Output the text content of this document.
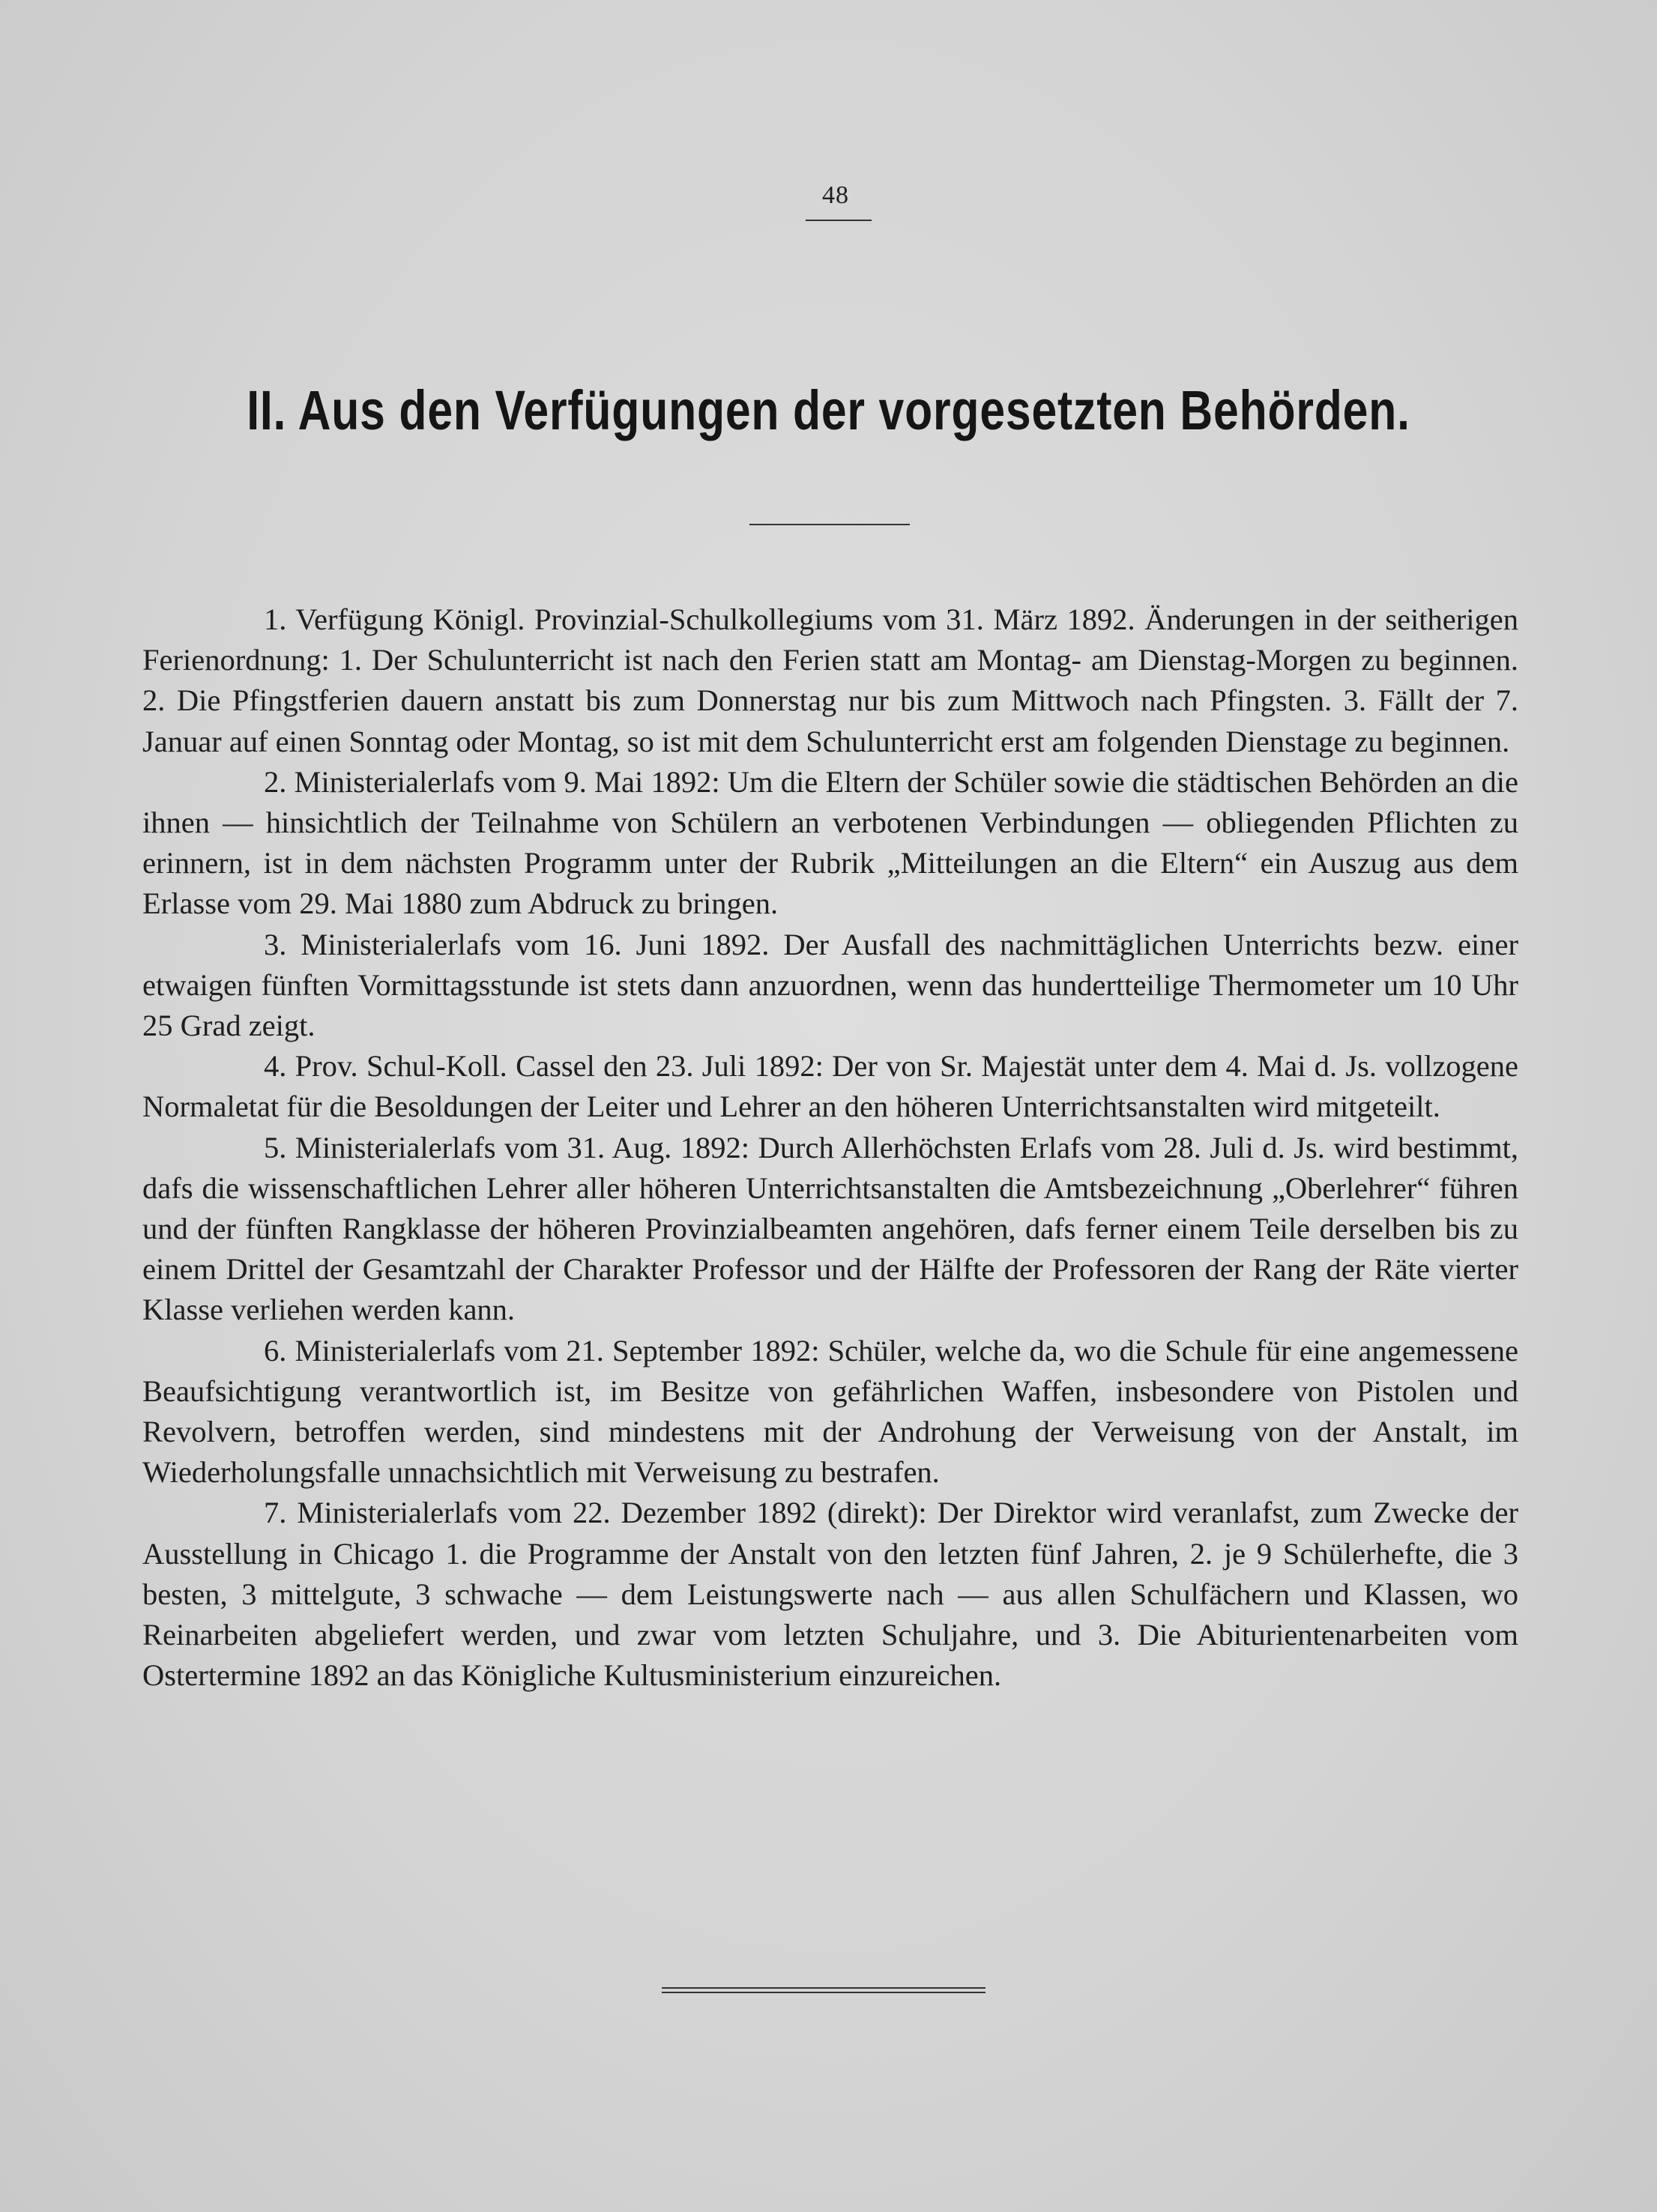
48
II. Aus den Verfügungen der vorgesetzten Behörden.

1. Verfügung Königl. Provinzial-Schulkollegiums vom 31. März 1892. Änderungen in der seitherigen Ferienordnung: 1. Der Schulunterricht ist nach den Ferien statt am Montag- am Dienstag-Morgen zu beginnen. 2. Die Pfingstferien dauern anstatt bis zum Donnerstag nur bis zum Mittwoch nach Pfingsten. 3. Fällt der 7. Januar auf einen Sonntag oder Montag, so ist mit dem Schulunterricht erst am folgenden Dienstage zu beginnen.

2. Ministerialerlafs vom 9. Mai 1892: Um die Eltern der Schüler sowie die städtischen Behörden an die ihnen — hinsichtlich der Teilnahme von Schülern an verbotenen Verbindungen — obliegenden Pflichten zu erinnern, ist in dem nächsten Programm unter der Rubrik „Mitteilungen an die Eltern“ ein Auszug aus dem Erlasse vom 29. Mai 1880 zum Abdruck zu bringen.

3. Ministerialerlafs vom 16. Juni 1892. Der Ausfall des nachmittäglichen Unterrichts bezw. einer etwaigen fünften Vormittagsstunde ist stets dann anzuordnen, wenn das hundertteilige Thermometer um 10 Uhr 25 Grad zeigt.

4. Prov. Schul-Koll. Cassel den 23. Juli 1892: Der von Sr. Majestät unter dem 4. Mai d. Js. vollzogene Normaletat für die Besoldungen der Leiter und Lehrer an den höheren Unterrichtsanstalten wird mitgeteilt.

5. Ministerialerlafs vom 31. Aug. 1892: Durch Allerhöchsten Erlafs vom 28. Juli d. Js. wird bestimmt, dafs die wissenschaftlichen Lehrer aller höheren Unterrichtsanstalten die Amtsbezeichnung „Oberlehrer“ führen und der fünften Rangklasse der höheren Provinzialbeamten angehören, dafs ferner einem Teile derselben bis zu einem Drittel der Gesamtzahl der Charakter Professor und der Hälfte der Professoren der Rang der Räte vierter Klasse verliehen werden kann.

6. Ministerialerlafs vom 21. September 1892: Schüler, welche da, wo die Schule für eine angemessene Beaufsichtigung verantwortlich ist, im Besitze von gefährlichen Waffen, insbesondere von Pistolen und Revolvern, betroffen werden, sind mindestens mit der Androhung der Verweisung von der Anstalt, im Wiederholungsfalle unnachsichtlich mit Verweisung zu bestrafen.

7. Ministerialerlafs vom 22. Dezember 1892 (direkt): Der Direktor wird veranlafst, zum Zwecke der Ausstellung in Chicago 1. die Programme der Anstalt von den letzten fünf Jahren, 2. je 9 Schülerhefte, die 3 besten, 3 mittelgute, 3 schwache — dem Leistungswerte nach — aus allen Schulfächern und Klassen, wo Reinarbeiten abgeliefert werden, und zwar vom letzten Schuljahre, und 3. Die Abiturientenarbeiten vom Ostertermine 1892 an das Königliche Kultusministerium einzureichen.
